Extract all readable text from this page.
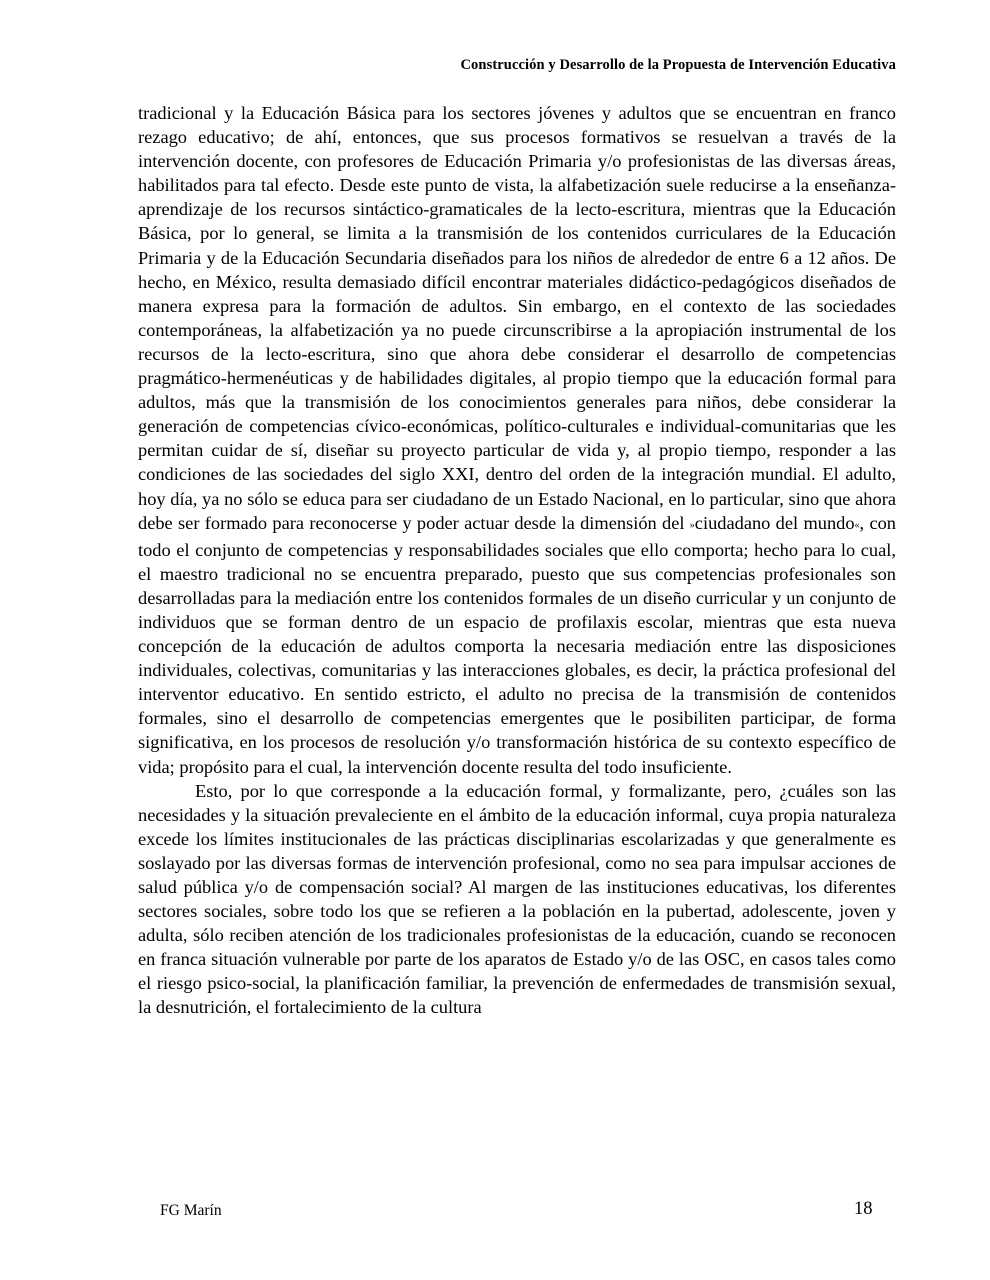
Construcción y Desarrollo de la Propuesta de Intervención Educativa

tradicional y la Educación Básica para los sectores jóvenes y adultos que se encuentran en franco rezago educativo; de ahí, entonces, que sus procesos formativos se resuelvan a través de la intervención docente, con profesores de Educación Primaria y/o profesionistas de las diversas áreas, habilitados para tal efecto. Desde este punto de vista, la alfabetización suele reducirse a la enseñanza-aprendizaje de los recursos sintáctico-gramaticales de la lecto-escritura, mientras que la Educación Básica, por lo general, se limita a la transmisión de los contenidos curriculares de la Educación Primaria y de la Educación Secundaria diseñados para los niños de alrededor de entre 6 a 12 años. De hecho, en México, resulta demasiado difícil encontrar materiales didáctico-pedagógicos diseñados de manera expresa para la formación de adultos. Sin embargo, en el contexto de las sociedades contemporáneas, la alfabetización ya no puede circunscribirse a la apropiación instrumental de los recursos de la lecto-escritura, sino que ahora debe considerar el desarrollo de competencias pragmático-hermenéuticas y de habilidades digitales, al propio tiempo que la educación formal para adultos, más que la transmisión de los conocimientos generales para niños, debe considerar la generación de competencias cívico-económicas, político-culturales e individual-comunitarias que les permitan cuidar de sí, diseñar su proyecto particular de vida y, al propio tiempo, responder a las condiciones de las sociedades del siglo XXI, dentro del orden de la integración mundial. El adulto, hoy día, ya no sólo se educa para ser ciudadano de un Estado Nacional, en lo particular, sino que ahora debe ser formado para reconocerse y poder actuar desde la dimensión del »ciudadano del mundo«, con todo el conjunto de competencias y responsabilidades sociales que ello comporta; hecho para lo cual, el maestro tradicional no se encuentra preparado, puesto que sus competencias profesionales son desarrolladas para la mediación entre los contenidos formales de un diseño curricular y un conjunto de individuos que se forman dentro de un espacio de profilaxis escolar, mientras que esta nueva concepción de la educación de adultos comporta la necesaria mediación entre las disposiciones individuales, colectivas, comunitarias y las interacciones globales, es decir, la práctica profesional del interventor educativo. En sentido estricto, el adulto no precisa de la transmisión de contenidos formales, sino el desarrollo de competencias emergentes que le posibiliten participar, de forma significativa, en los procesos de resolución y/o transformación histórica de su contexto específico de vida; propósito para el cual, la intervención docente resulta del todo insuficiente.

Esto, por lo que corresponde a la educación formal, y formalizante, pero, ¿cuáles son las necesidades y la situación prevaleciente en el ámbito de la educación informal, cuya propia naturaleza excede los límites institucionales de las prácticas disciplinarias escolarizadas y que generalmente es soslayado por las diversas formas de intervención profesional, como no sea para impulsar acciones de salud pública y/o de compensación social? Al margen de las instituciones educativas, los diferentes sectores sociales, sobre todo los que se refieren a la población en la pubertad, adolescente, joven y adulta, sólo reciben atención de los tradicionales profesionistas de la educación, cuando se reconocen en franca situación vulnerable por parte de los aparatos de Estado y/o de las OSC, en casos tales como el riesgo psico-social, la planificación familiar, la prevención de enfermedades de transmisión sexual, la desnutrición, el fortalecimiento de la cultura

FG Marín	18
